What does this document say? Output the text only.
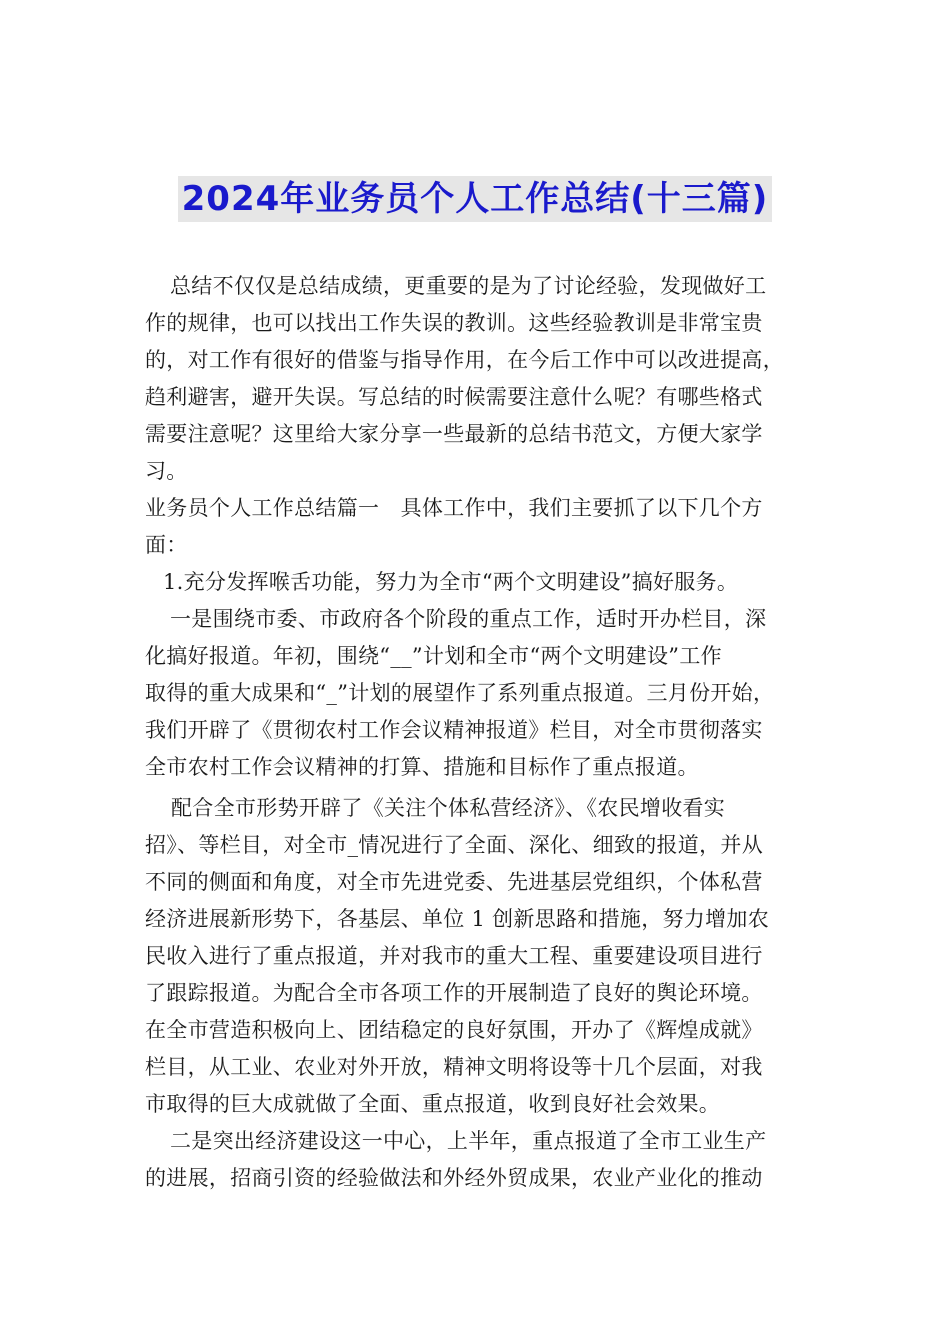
2024年业务员个人工作总结(十三篇)
总结不仅仅是总结成绩，更重要的是为了讨论经验，发现做好工
作的规律，也可以找出工作失误的教训。这些经验教训是非常宝贵
的，对工作有很好的借鉴与指导作用，在今后工作中可以改进提高，
趋利避害，避开失误。写总结的时候需要注意什么呢？有哪些格式
需要注意呢？这里给大家分享一些最新的总结书范文，方便大家学
习。
业务员个人工作总结篇一　具体工作中，我们主要抓了以下几个方
面：
1.充分发挥喉舌功能，努力为全市“两个文明建设”搞好服务。
一是围绕市委、市政府各个阶段的重点工作，适时开办栏目，深
化搞好报道。年初，围绕“__”计划和全市“两个文明建设”工作
取得的重大成果和“_”计划的展望作了系列重点报道。三月份开始，
我们开辟了《贯彻农村工作会议精神报道》栏目，对全市贯彻落实
全市农村工作会议精神的打算、措施和目标作了重点报道。
配合全市形势开辟了《关注个体私营经济》、《农民增收看实
招》、等栏目，对全市_情况进行了全面、深化、细致的报道，并从
不同的侧面和角度，对全市先进党委、先进基层党组织，个体私营
经济进展新形势下，各基层、单位 1 创新思路和措施，努力增加农
民收入进行了重点报道，并对我市的重大工程、重要建设项目进行
了跟踪报道。为配合全市各项工作的开展制造了良好的舆论环境。
在全市营造积极向上、团结稳定的良好氛围，开办了《辉煌成就》
栏目，从工业、农业对外开放，精神文明将设等十几个层面，对我
市取得的巨大成就做了全面、重点报道，收到良好社会效果。
二是突出经济建设这一中心，上半年，重点报道了全市工业生产
的进展，招商引资的经验做法和外经外贸成果，农业产业化的推动
